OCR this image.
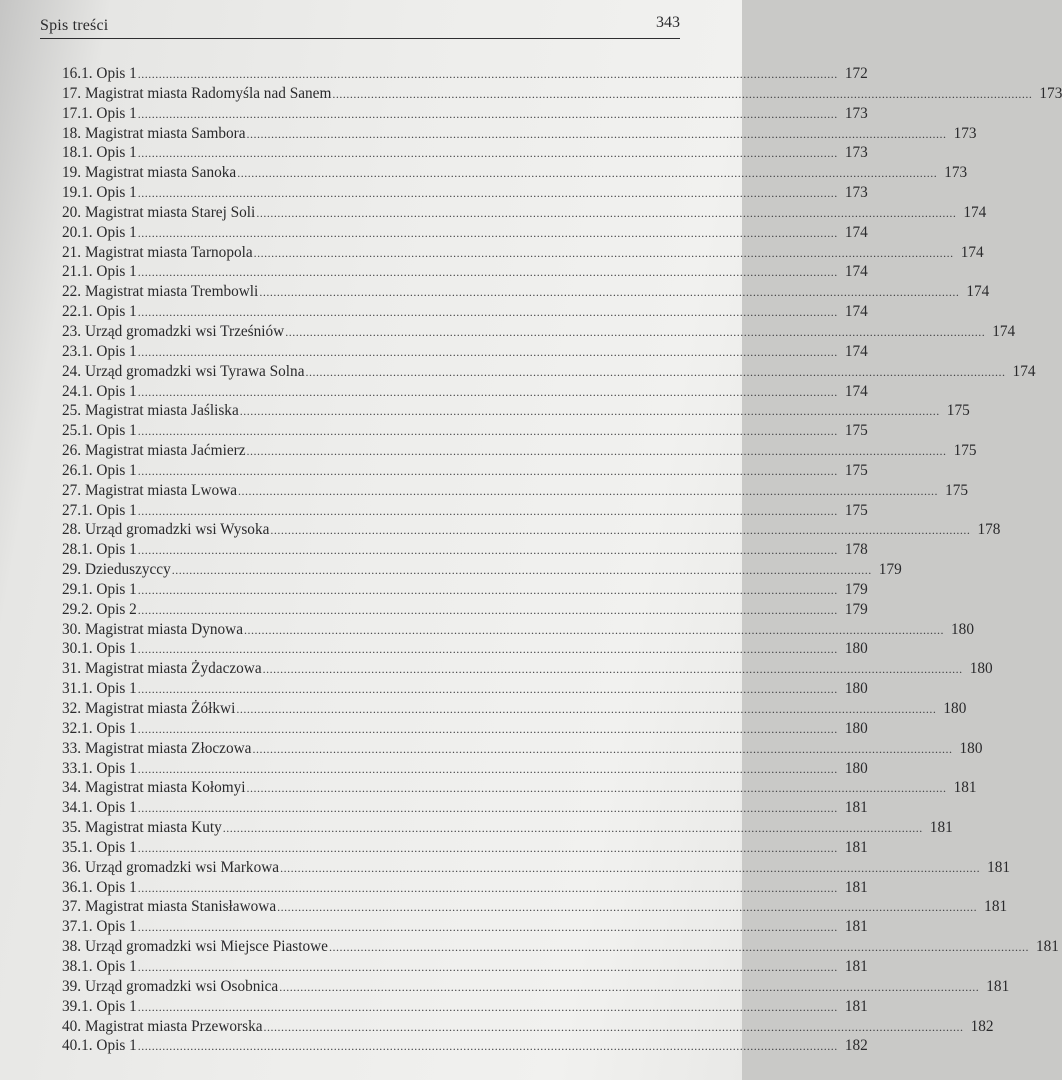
Spis treści	343
16.1. Opis 1 ........................................................................................................................................................................................................ 172
17. Magistrat miasta Radomyśla nad Sanem ........................................................................................................................................................................................................ 173
17.1. Opis 1 ........................................................................................................................................................................................................ 173
18. Magistrat miasta Sambora ........................................................................................................................................................................................................ 173
18.1. Opis 1 ........................................................................................................................................................................................................ 173
19. Magistrat miasta Sanoka ........................................................................................................................................................................................................ 173
19.1. Opis 1 ........................................................................................................................................................................................................ 173
20. Magistrat miasta Starej Soli ........................................................................................................................................................................................................ 174
20.1. Opis 1 ........................................................................................................................................................................................................ 174
21. Magistrat miasta Tarnopola ........................................................................................................................................................................................................ 174
21.1. Opis 1 ........................................................................................................................................................................................................ 174
22. Magistrat miasta Trembowli ........................................................................................................................................................................................................ 174
22.1. Opis 1 ........................................................................................................................................................................................................ 174
23. Urząd gromadzki wsi Trześniów ........................................................................................................................................................................................................ 174
23.1. Opis 1 ........................................................................................................................................................................................................ 174
24. Urząd gromadzki wsi Tyrawa Solna ........................................................................................................................................................................................................ 174
24.1. Opis 1 ........................................................................................................................................................................................................ 174
25. Magistrat miasta Jaśliska ........................................................................................................................................................................................................ 175
25.1. Opis 1 ........................................................................................................................................................................................................ 175
26. Magistrat miasta Jaćmierz ........................................................................................................................................................................................................ 175
26.1. Opis 1 ........................................................................................................................................................................................................ 175
27. Magistrat miasta Lwowa ........................................................................................................................................................................................................ 175
27.1. Opis 1 ........................................................................................................................................................................................................ 175
28. Urząd gromadzki wsi Wysoka ........................................................................................................................................................................................................ 178
28.1. Opis 1 ........................................................................................................................................................................................................ 178
29. Dzieduszyccy ........................................................................................................................................................................................................ 179
29.1. Opis 1 ........................................................................................................................................................................................................ 179
29.2. Opis 2 ........................................................................................................................................................................................................ 179
30. Magistrat miasta Dynowa ........................................................................................................................................................................................................ 180
30.1. Opis 1 ........................................................................................................................................................................................................ 180
31. Magistrat miasta Żydaczowa ........................................................................................................................................................................................................ 180
31.1. Opis 1 ........................................................................................................................................................................................................ 180
32. Magistrat miasta Żółkwi ........................................................................................................................................................................................................ 180
32.1. Opis 1 ........................................................................................................................................................................................................ 180
33. Magistrat miasta Złoczowa ........................................................................................................................................................................................................ 180
33.1. Opis 1 ........................................................................................................................................................................................................ 180
34. Magistrat miasta Kołomyi ........................................................................................................................................................................................................ 181
34.1. Opis 1 ........................................................................................................................................................................................................ 181
35. Magistrat miasta Kuty ........................................................................................................................................................................................................ 181
35.1. Opis 1 ........................................................................................................................................................................................................ 181
36. Urząd gromadzki wsi Markowa ........................................................................................................................................................................................................ 181
36.1. Opis 1 ........................................................................................................................................................................................................ 181
37. Magistrat miasta Stanisławowa ........................................................................................................................................................................................................ 181
37.1. Opis 1 ........................................................................................................................................................................................................ 181
38. Urząd gromadzki wsi Miejsce Piastowe ........................................................................................................................................................................................................ 181
38.1. Opis 1 ........................................................................................................................................................................................................ 181
39. Urząd gromadzki wsi Osobnica ........................................................................................................................................................................................................ 181
39.1. Opis 1 ........................................................................................................................................................................................................ 181
40. Magistrat miasta Przeworska ........................................................................................................................................................................................................ 182
40.1. Opis 1 ........................................................................................................................................................................................................ 182
